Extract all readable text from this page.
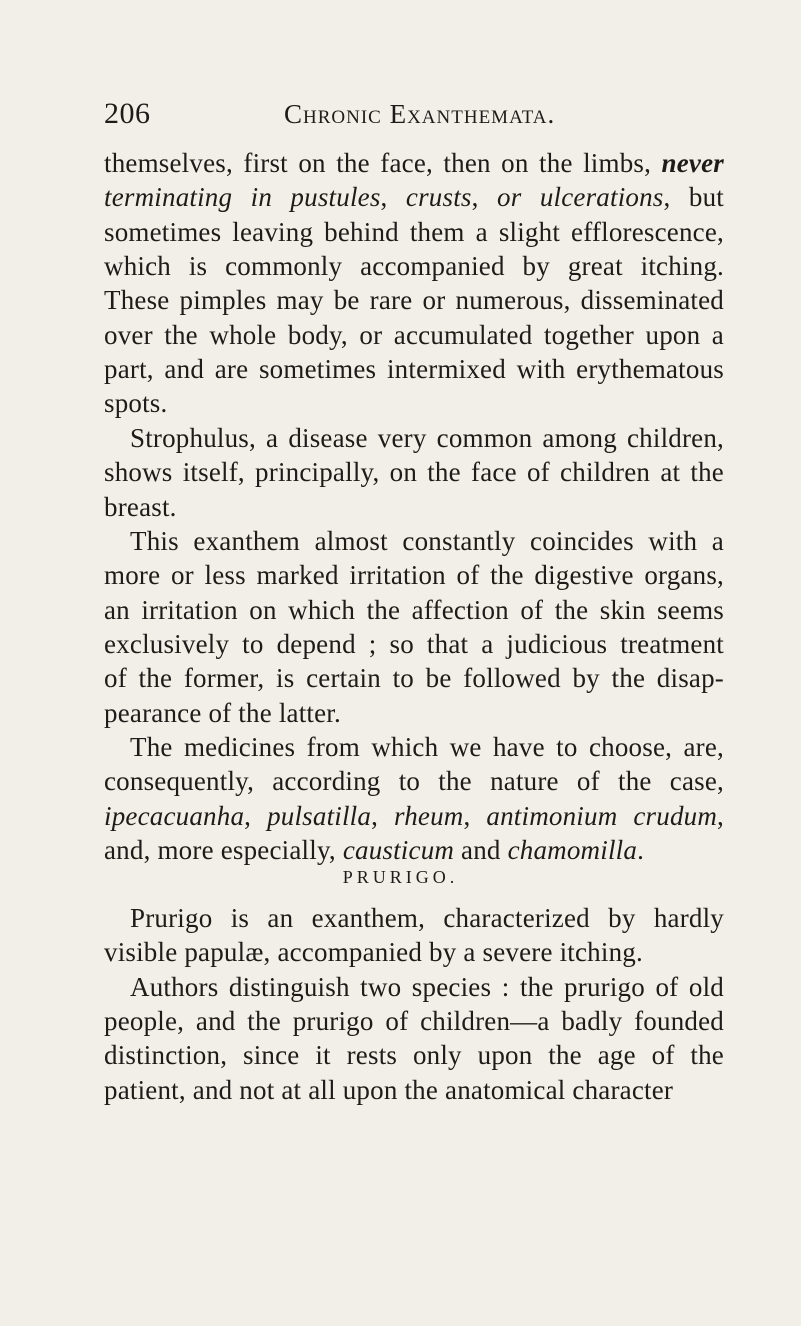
206	Chronic Exanthemata.
themselves, first on the face, then on the limbs, never
terminating in pustules, crusts, or ulcerations, but
sometimes leaving behind them a slight efflorescence,
which is commonly accompanied by great itching.
These pimples may be rare or numerous, disseminated
over the whole body, or accumulated together upon a
part, and are sometimes intermixed with erythematous
spots.
Strophulus, a disease very common among children,
shows itself, principally, on the face of children at the
breast.
This exanthem almost constantly coincides with a
more or less marked irritation of the digestive organs,
an irritation on which the affection of the skin seems
exclusively to depend ; so that a judicious treatment
of the former, is certain to be followed by the disap-
pearance of the latter.
The medicines from which we have to choose, are,
consequently, according to the nature of the case,
ipecacuanha, pulsatilla, rheum, antimonium crudum,
and, more especially, causticum and chamomilla.
Prurigo is an exanthem, characterized by hardly
visible papulæ, accompanied by a severe itching.
Authors distinguish two species : the prurigo of old
people, and the prurigo of children—a badly founded
distinction, since it rests only upon the age of the
patient, and not at all upon the anatomical character
PRURIGO.
